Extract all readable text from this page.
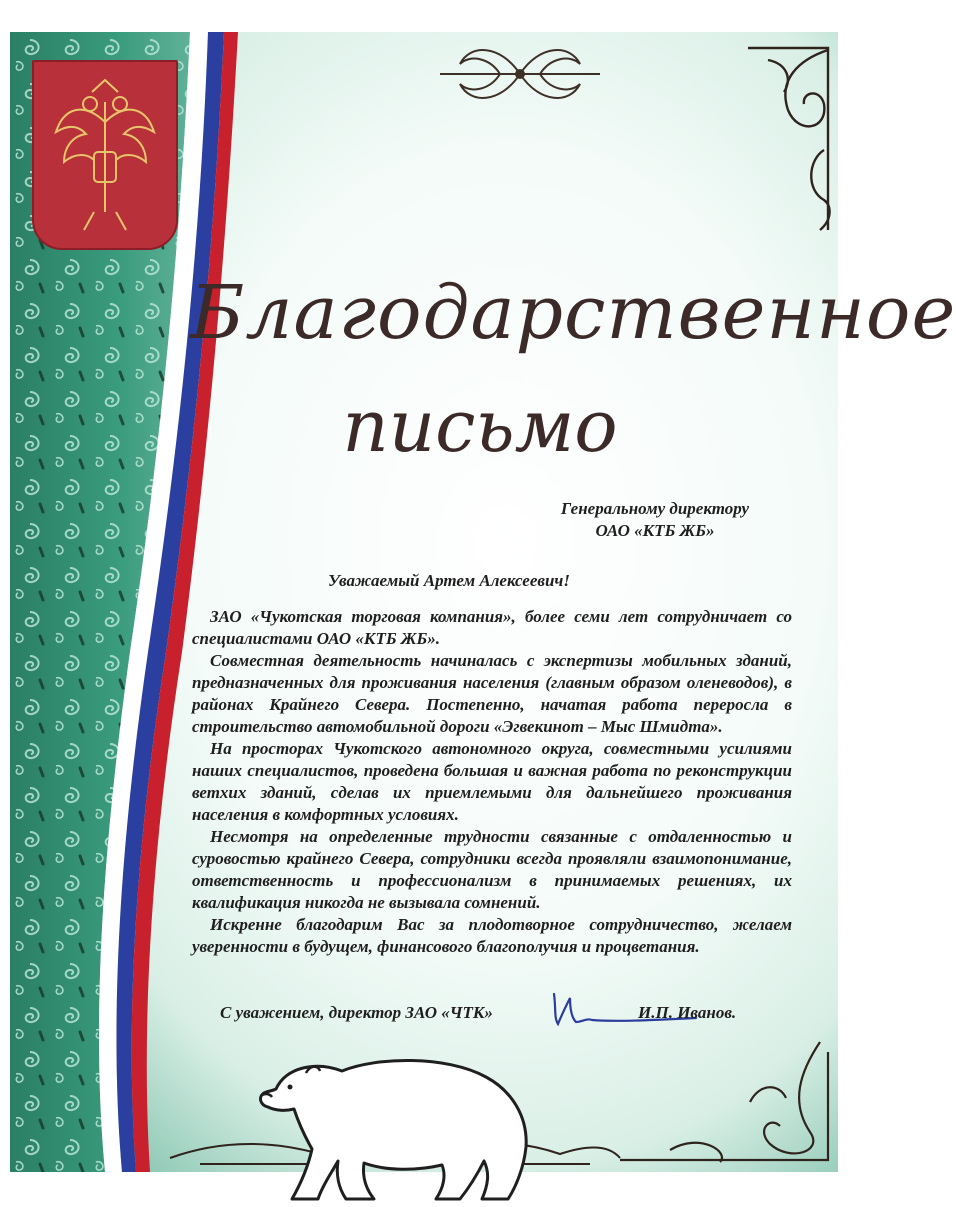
Благодарственное
письмо
Генеральному директору
ОАО «КТБ ЖБ»
Уважаемый Артем Алексеевич!

ЗАО «Чукотская торговая компания», более семи лет сотрудничает со специалистами ОАО «КТБ ЖБ».

Совместная деятельность начиналась с экспертизы мобильных зданий, предназначенных для проживания населения (главным образом оленеводов), в районах Крайнего Севера. Постепенно, начатая работа переросла в строительство автомобильной дороги «Эгвекинот – Мыс Шмидта».

На просторах Чукотского автономного округа, совместными усилиями наших специалистов, проведена большая и важная работа по реконструкции ветхих зданий, сделав их приемлемыми для дальнейшего проживания населения в комфортных условиях.

Несмотря на определенные трудности связанные с отдаленностью и суровостью крайнего Севера, сотрудники всегда проявляли взаимопонимание, ответственность и профессионализм в принимаемых решениях, их квалификация никогда не вызывала сомнений.

Искренне благодарим Вас за плодотворное сотрудничество, желаем уверенности в будущем, финансового благополучия и процветания.

С уважением, директор ЗАО «ЧТК»	И.П. Иванов.
